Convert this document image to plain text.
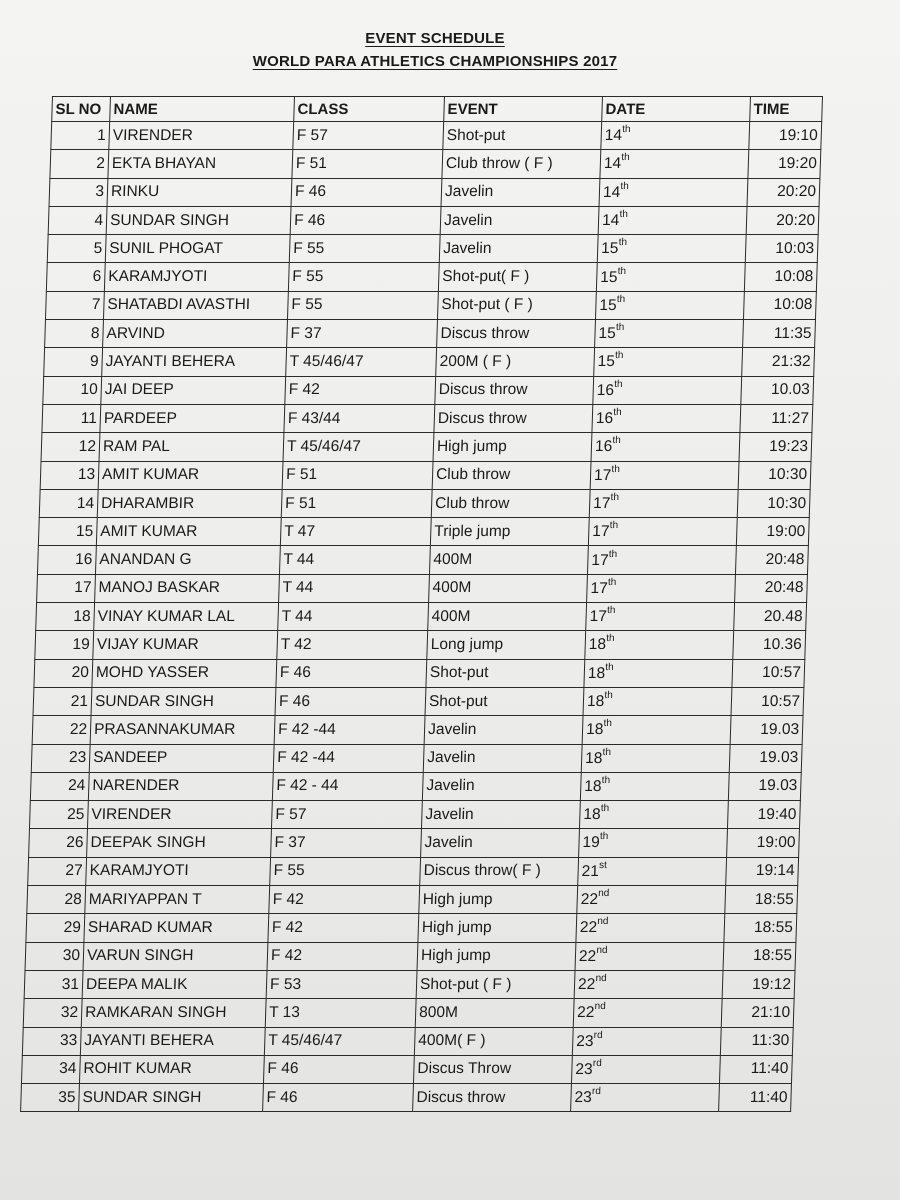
EVENT SCHEDULE
WORLD PARA ATHLETICS CHAMPIONSHIPS 2017
SL NO	NAME	CLASS	EVENT	DATE	TIME
1	VIRENDER	F 57	Shot-put	14th	19:10
2	EKTA BHAYAN	F 51	Club throw ( F )	14th	19:20
3	RINKU	F 46	Javelin	14th	20:20
4	SUNDAR SINGH	F 46	Javelin	14th	20:20
5	SUNIL PHOGAT	F 55	Javelin	15th	10:03
6	KARAMJYOTI	F 55	Shot-put( F )	15th	10:08
7	SHATABDI AVASTHI	F 55	Shot-put ( F )	15th	10:08
8	ARVIND	F 37	Discus throw	15th	11:35
9	JAYANTI BEHERA	T 45/46/47	200M ( F )	15th	21:32
10	JAI DEEP	F 42	Discus throw	16th	10.03
11	PARDEEP	F 43/44	Discus throw	16th	11:27
12	RAM PAL	T 45/46/47	High jump	16th	19:23
13	AMIT KUMAR	F 51	Club throw	17th	10:30
14	DHARAMBIR	F 51	Club throw	17th	10:30
15	AMIT KUMAR	T 47	Triple jump	17th	19:00
16	ANANDAN G	T 44	400M	17th	20:48
17	MANOJ BASKAR	T 44	400M	17th	20:48
18	VINAY KUMAR LAL	T 44	400M	17th	20.48
19	VIJAY KUMAR	T 42	Long jump	18th	10.36
20	MOHD YASSER	F 46	Shot-put	18th	10:57
21	SUNDAR SINGH	F 46	Shot-put	18th	10:57
22	PRASANNAKUMAR	F 42 -44	Javelin	18th	19.03
23	SANDEEP	F 42 -44	Javelin	18th	19.03
24	NARENDER	F 42 - 44	Javelin	18th	19.03
25	VIRENDER	F 57	Javelin	18th	19:40
26	DEEPAK SINGH	F 37	Javelin	19th	19:00
27	KARAMJYOTI	F 55	Discus throw( F )	21st	19:14
28	MARIYAPPAN T	F 42	High jump	22nd	18:55
29	SHARAD KUMAR	F 42	High jump	22nd	18:55
30	VARUN SINGH	F 42	High jump	22nd	18:55
31	DEEPA MALIK	F 53	Shot-put ( F )	22nd	19:12
32	RAMKARAN SINGH	T 13	800M	22nd	21:10
33	JAYANTI BEHERA	T 45/46/47	400M( F )	23rd	11:30
34	ROHIT KUMAR	F 46	Discus Throw	23rd	11:40
35	SUNDAR SINGH	F 46	Discus throw	23rd	11:40
